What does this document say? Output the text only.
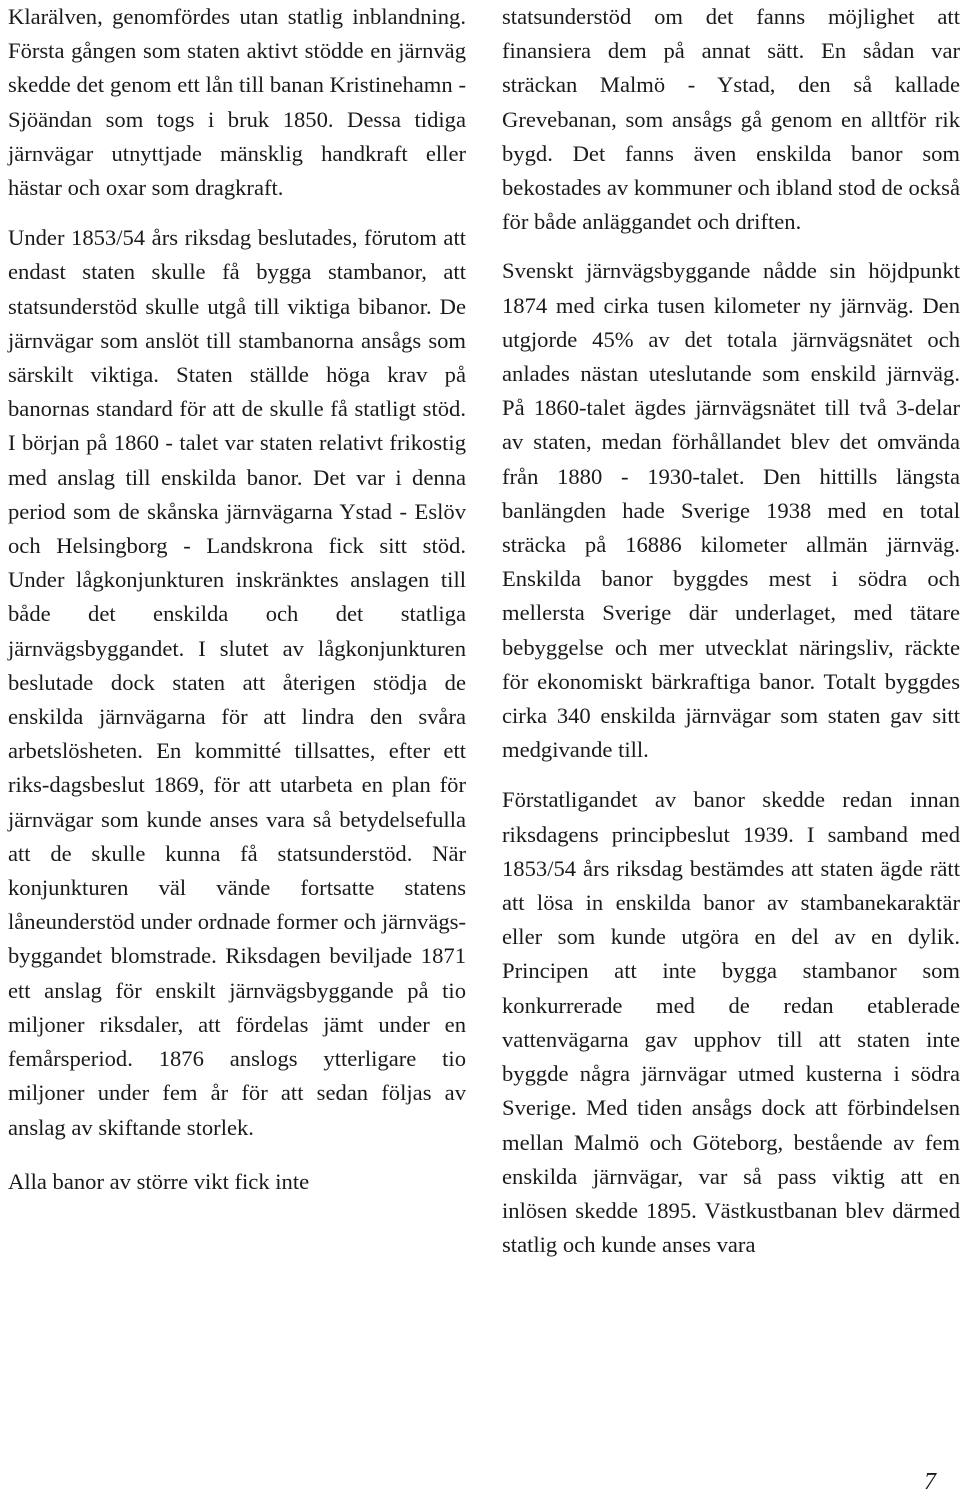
Klarälven, genomfördes utan statlig inblandning. Första gången som staten aktivt stödde en järnväg skedde det genom ett lån till banan Kristinehamn - Sjöändan som togs i bruk 1850. Dessa tidiga järnvägar utnyttjade mänsklig handkraft eller hästar och oxar som dragkraft.

Under 1853/54 års riksdag beslutades, förutom att endast staten skulle få bygga stambanor, att statsunderstöd skulle utgå till viktiga bibanor. De järnvägar som anslöt till stambanorna ansågs som särskilt viktiga. Staten ställde höga krav på banornas standard för att de skulle få statligt stöd. I början på 1860 - talet var staten relativt frikostig med anslag till enskilda banor. Det var i denna period som de skånska järnvägarna Ystad - Eslöv och Helsingborg - Landskrona fick sitt stöd. Under lågkonjunkturen inskränktes anslagen till både det enskilda och det statliga järnvägsbyggandet. I slutet av lågkonjunkturen beslutade dock staten att återigen stödja de enskilda järnvägarna för att lindra den svåra arbetslösheten. En kommitté tillsattes, efter ett riks-dagsbeslut 1869, för att utarbeta en plan för järnvägar som kunde anses vara så betydelsefulla att de skulle kunna få statsunderstöd. När konjunkturen väl vände fortsatte statens låneunderstöd under ordnade former och järnvägs-byggandet blomstrade. Riksdagen beviljade 1871 ett anslag för enskilt järnvägsbyggande på tio miljoner riksdaler, att fördelas jämt under en femårsperiod. 1876 anslogs ytterligare tio miljoner under fem år för att sedan följas av anslag av skiftande storlek.

Alla banor av större vikt fick inte

statsunderstöd om det fanns möjlighet att finansiera dem på annat sätt. En sådan var sträckan Malmö - Ystad, den så kallade Grevebanan, som ansågs gå genom en alltför rik bygd. Det fanns även enskilda banor som bekostades av kommuner och ibland stod de också för både anläggandet och driften.

Svenskt järnvägsbyggande nådde sin höjdpunkt 1874 med cirka tusen kilometer ny järnväg. Den utgjorde 45% av det totala järnvägsnätet och anlades nästan uteslutande som enskild järnväg. På 1860-talet ägdes järnvägsnätet till två 3-delar av staten, medan förhållandet blev det omvända från 1880 - 1930-talet. Den hittills längsta banlängden hade Sverige 1938 med en total sträcka på 16886 kilometer allmän järnväg. Enskilda banor byggdes mest i södra och mellersta Sverige där underlaget, med tätare bebyggelse och mer utvecklat näringsliv, räckte för ekonomiskt bärkraftiga banor. Totalt byggdes cirka 340 enskilda järnvägar som staten gav sitt medgivande till.

Förstatligandet av banor skedde redan innan riksdagens principbeslut 1939. I samband med 1853/54 års riksdag bestämdes att staten ägde rätt att lösa in enskilda banor av stambanekaraktär eller som kunde utgöra en del av en dylik. Principen att inte bygga stambanor som konkurrerade med de redan etablerade vattenvägarna gav upphov till att staten inte byggde några järnvägar utmed kusterna i södra Sverige. Med tiden ansågs dock att förbindelsen mellan Malmö och Göteborg, bestående av fem enskilda järnvägar, var så pass viktig att en inlösen skedde 1895. Västkustbanan blev därmed statlig och kunde anses vara

7
